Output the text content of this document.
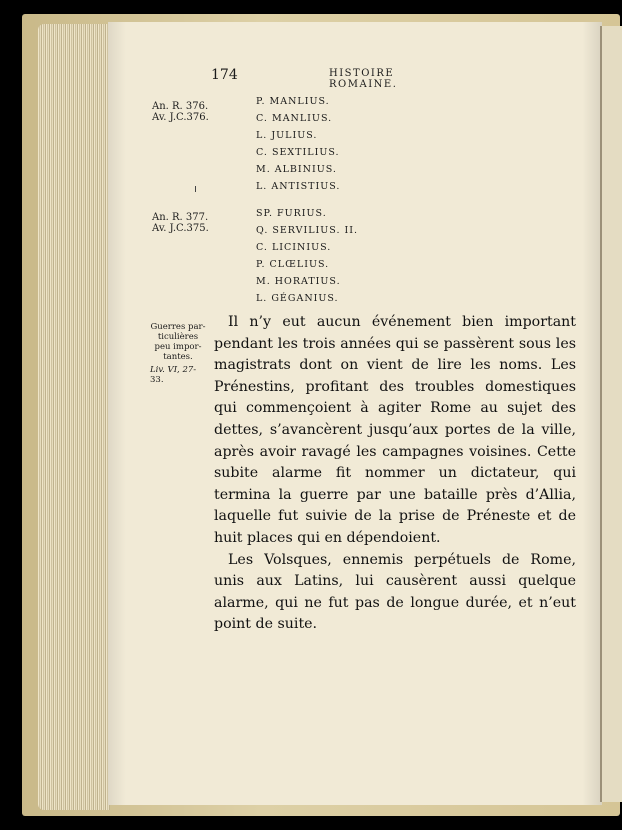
174	HISTOIRE ROMAINE.
An. R. 376.
Av. J.C.376.
P. MANLIUS.
C. MANLIUS.
L. JULIUS.
C. SEXTILIUS.
M. ALBINIUS.
L. ANTISTIUS.
An. R. 377.
Av. J.C.375.
SP. FURIUS.
Q. SERVILIUS. II.
C. LICINIUS.
P. CLŒLIUS.
M. HORATIUS.
L. GÉGANIUS.
Guerres par-
ticulières
peu impor-
tantes.
Liv. VI, 27-
33.

Il n’y eut aucun événement bien important pendant les trois années qui se passèrent sous les magistrats dont on vient de lire les noms. Les Prénestins, profitant des troubles domestiques qui commençoient à agiter Rome au sujet des dettes, s’avancèrent jusqu’aux portes de la ville, après avoir ravagé les campagnes voisines. Cette subite alarme fit nommer un dictateur, qui termina la guerre par une bataille près d’Allia, laquelle fut suivie de la prise de Préneste et de huit places qui en dépendoient.

Les Volsques, ennemis perpétuels de Rome, unis aux Latins, lui causèrent aussi quelque alarme, qui ne fut pas de longue durée, et n’eut point de suite.
